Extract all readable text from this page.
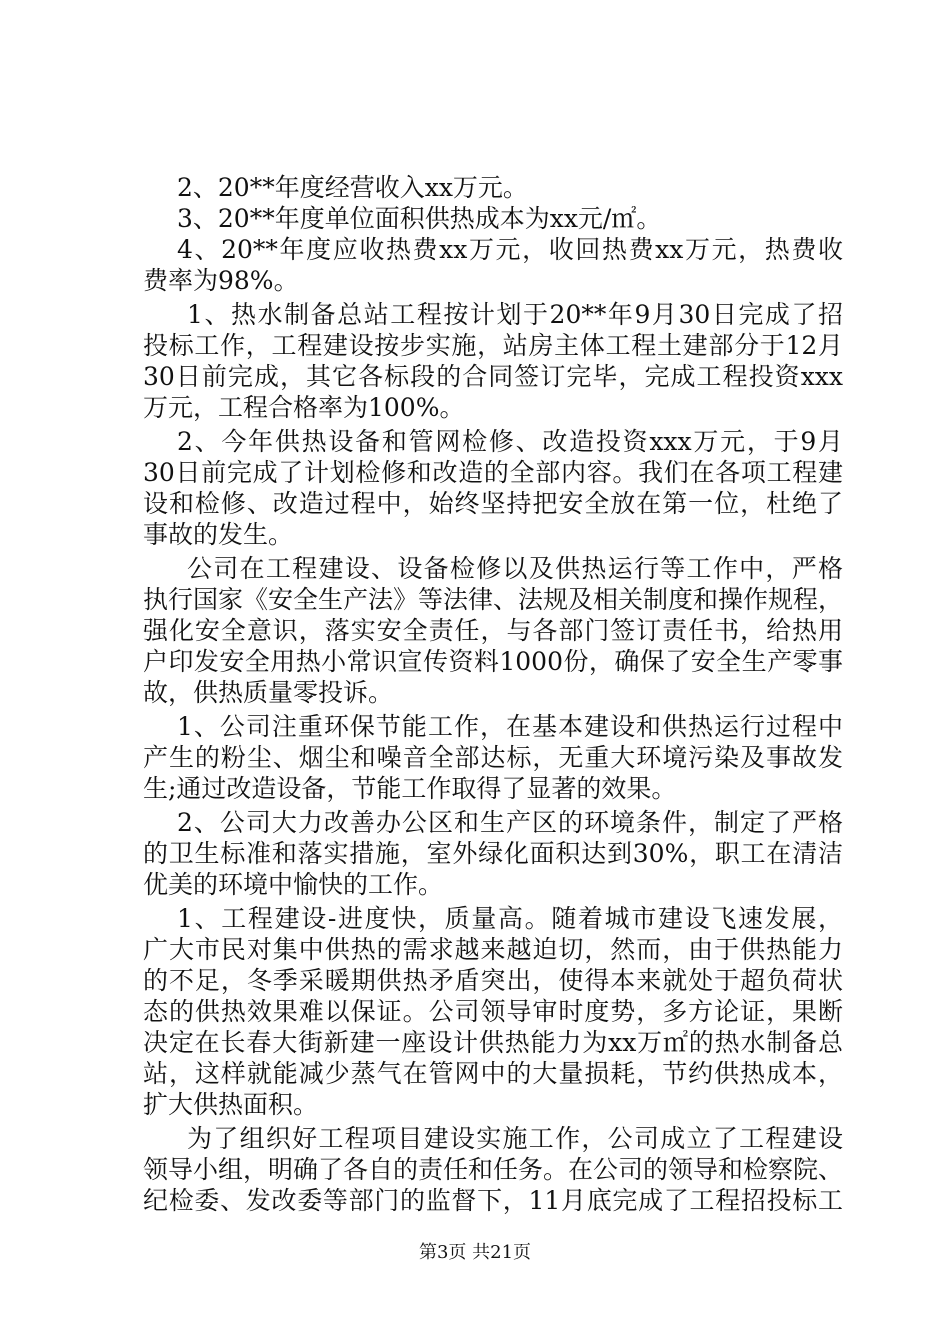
2、20**年度经营收入xx万元。
3、20**年度单位面积供热成本为xx元/㎡。
4、20**年度应收热费xx万元，收回热费xx万元，热费收
费率为98%。
1、热水制备总站工程按计划于20**年9月30日完成了招
投标工作，工程建设按步实施，站房主体工程土建部分于12月
30日前完成，其它各标段的合同签订完毕，完成工程投资xxx
万元，工程合格率为100%。
2、今年供热设备和管网检修、改造投资xxx万元，于9月
30日前完成了计划检修和改造的全部内容。我们在各项工程建
设和检修、改造过程中，始终坚持把安全放在第一位，杜绝了
事故的发生。
公司在工程建设、设备检修以及供热运行等工作中，严格
执行国家《安全生产法》等法律、法规及相关制度和操作规程，
强化安全意识，落实安全责任，与各部门签订责任书，给热用
户印发安全用热小常识宣传资料1000份，确保了安全生产零事
故，供热质量零投诉。
1、公司注重环保节能工作，在基本建设和供热运行过程中
产生的粉尘、烟尘和噪音全部达标，无重大环境污染及事故发
生;通过改造设备，节能工作取得了显著的效果。
2、公司大力改善办公区和生产区的环境条件，制定了严格
的卫生标准和落实措施，室外绿化面积达到30%，职工在清洁
优美的环境中愉快的工作。
1、工程建设-进度快，质量高。随着城市建设飞速发展，
广大市民对集中供热的需求越来越迫切，然而，由于供热能力
的不足，冬季采暖期供热矛盾突出，使得本来就处于超负荷状
态的供热效果难以保证。公司领导审时度势，多方论证，果断
决定在长春大街新建一座设计供热能力为xx万㎡的热水制备总
站，这样就能减少蒸气在管网中的大量损耗，节约供热成本，
扩大供热面积。
为了组织好工程项目建设实施工作，公司成立了工程建设
领导小组，明确了各自的责任和任务。在公司的领导和检察院、
纪检委、发改委等部门的监督下，11月底完成了工程招投标工
第3页 共21页
